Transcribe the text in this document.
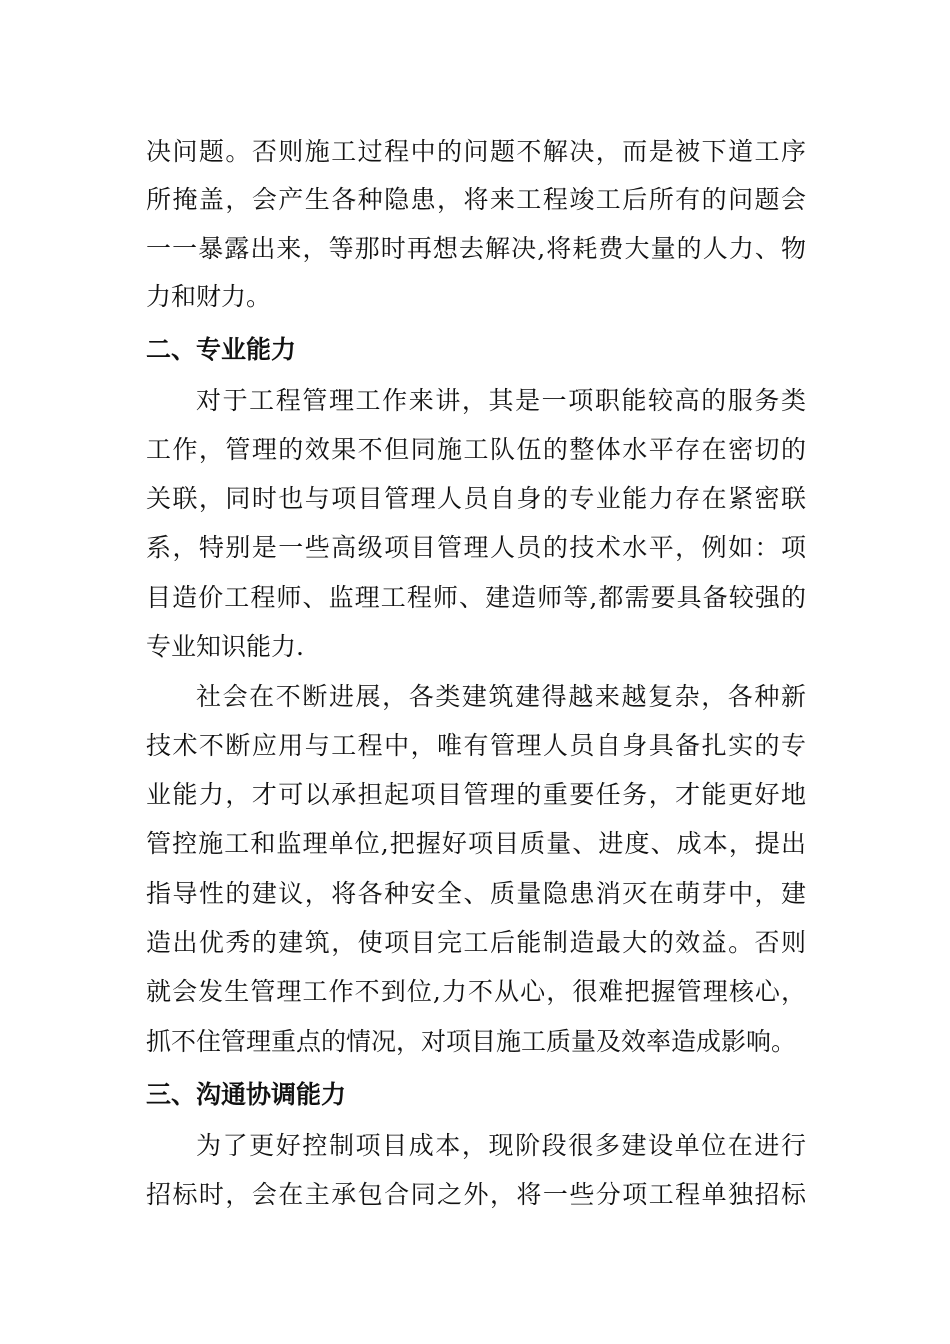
决问题。否则施工过程中的问题不解决，而是被下道工序
所掩盖，会产生各种隐患，将来工程竣工后所有的问题会
一一暴露出来，等那时再想去解决,将耗费大量的人力、物
力和财力。
二、专业能力
对于工程管理工作来讲，其是一项职能较高的服务类
工作，管理的效果不但同施工队伍的整体水平存在密切的
关联，同时也与项目管理人员自身的专业能力存在紧密联
系，特别是一些高级项目管理人员的技术水平，例如：项
目造价工程师、监理工程师、建造师等,都需要具备较强的
专业知识能力.
社会在不断进展，各类建筑建得越来越复杂，各种新
技术不断应用与工程中，唯有管理人员自身具备扎实的专
业能力，才可以承担起项目管理的重要任务，才能更好地
管控施工和监理单位,把握好项目质量、进度、成本，提出
指导性的建议，将各种安全、质量隐患消灭在萌芽中，建
造出优秀的建筑，使项目完工后能制造最大的效益。否则
就会发生管理工作不到位,力不从心，很难把握管理核心，
抓不住管理重点的情况，对项目施工质量及效率造成影响。
三、沟通协调能力
为了更好控制项目成本，现阶段很多建设单位在进行
招标时，会在主承包合同之外，将一些分项工程单独招标
